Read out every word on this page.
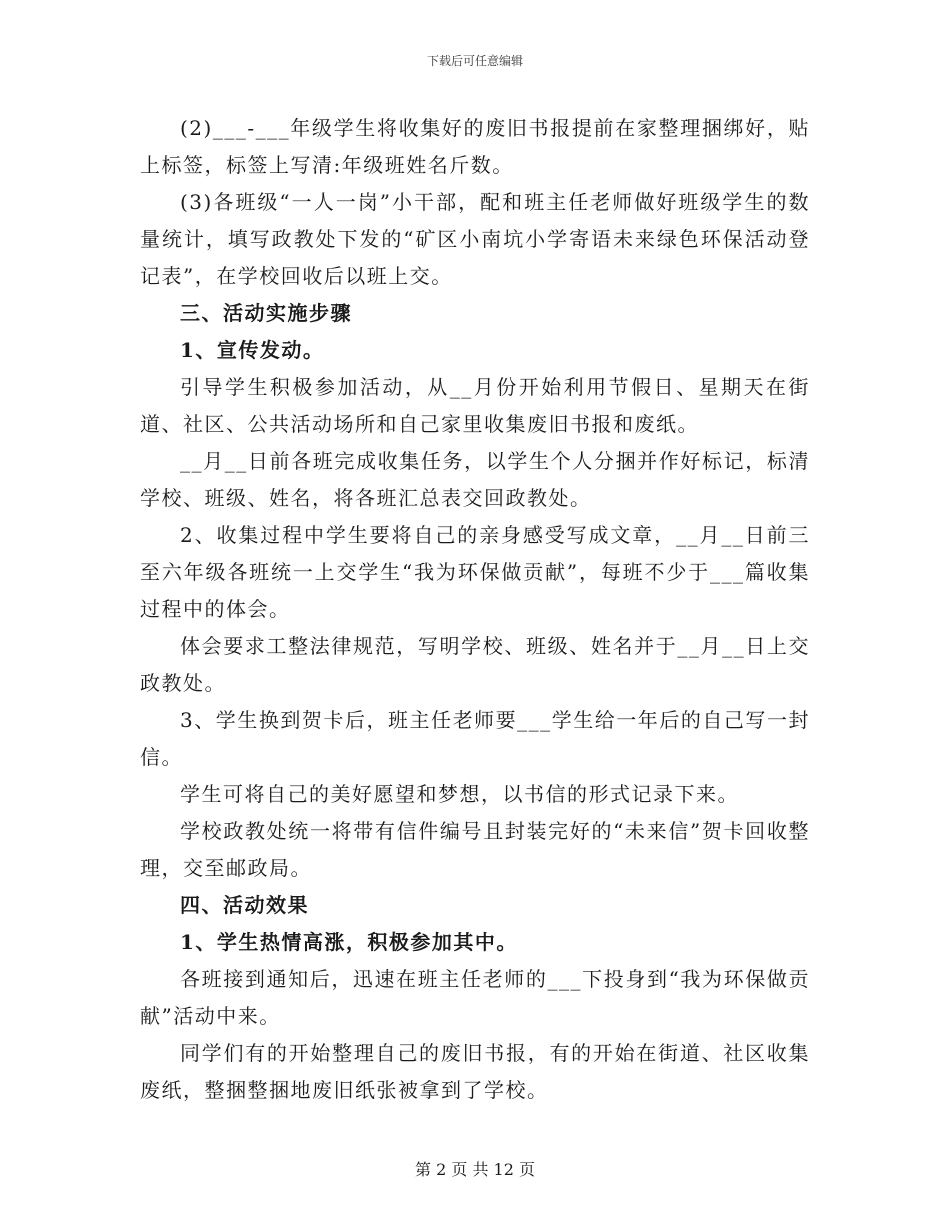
下载后可任意编辑

(2)___-___年级学生将收集好的废旧书报提前在家整理捆绑好，贴上标签，标签上写清:年级班姓名斤数。

(3)各班级“一人一岗”小干部，配和班主任老师做好班级学生的数量统计，填写政教处下发的“矿区小南坑小学寄语未来绿色环保活动登记表”，在学校回收后以班上交。

三、活动实施步骤

1、宣传发动。

引导学生积极参加活动，从__月份开始利用节假日、星期天在街道、社区、公共活动场所和自己家里收集废旧书报和废纸。

__月__日前各班完成收集任务，以学生个人分捆并作好标记，标清学校、班级、姓名，将各班汇总表交回政教处。

2、收集过程中学生要将自己的亲身感受写成文章，__月__日前三至六年级各班统一上交学生“我为环保做贡献”，每班不少于___篇收集过程中的体会。

体会要求工整法律规范，写明学校、班级、姓名并于__月__日上交政教处。

3、学生换到贺卡后，班主任老师要___学生给一年后的自己写一封信。

学生可将自己的美好愿望和梦想，以书信的形式记录下来。

学校政教处统一将带有信件编号且封装完好的“未来信”贺卡回收整理，交至邮政局。

四、活动效果

1、学生热情高涨，积极参加其中。

各班接到通知后，迅速在班主任老师的___下投身到“我为环保做贡献”活动中来。

同学们有的开始整理自己的废旧书报，有的开始在街道、社区收集废纸，整捆整捆地废旧纸张被拿到了学校。

第 2 页 共 12 页
